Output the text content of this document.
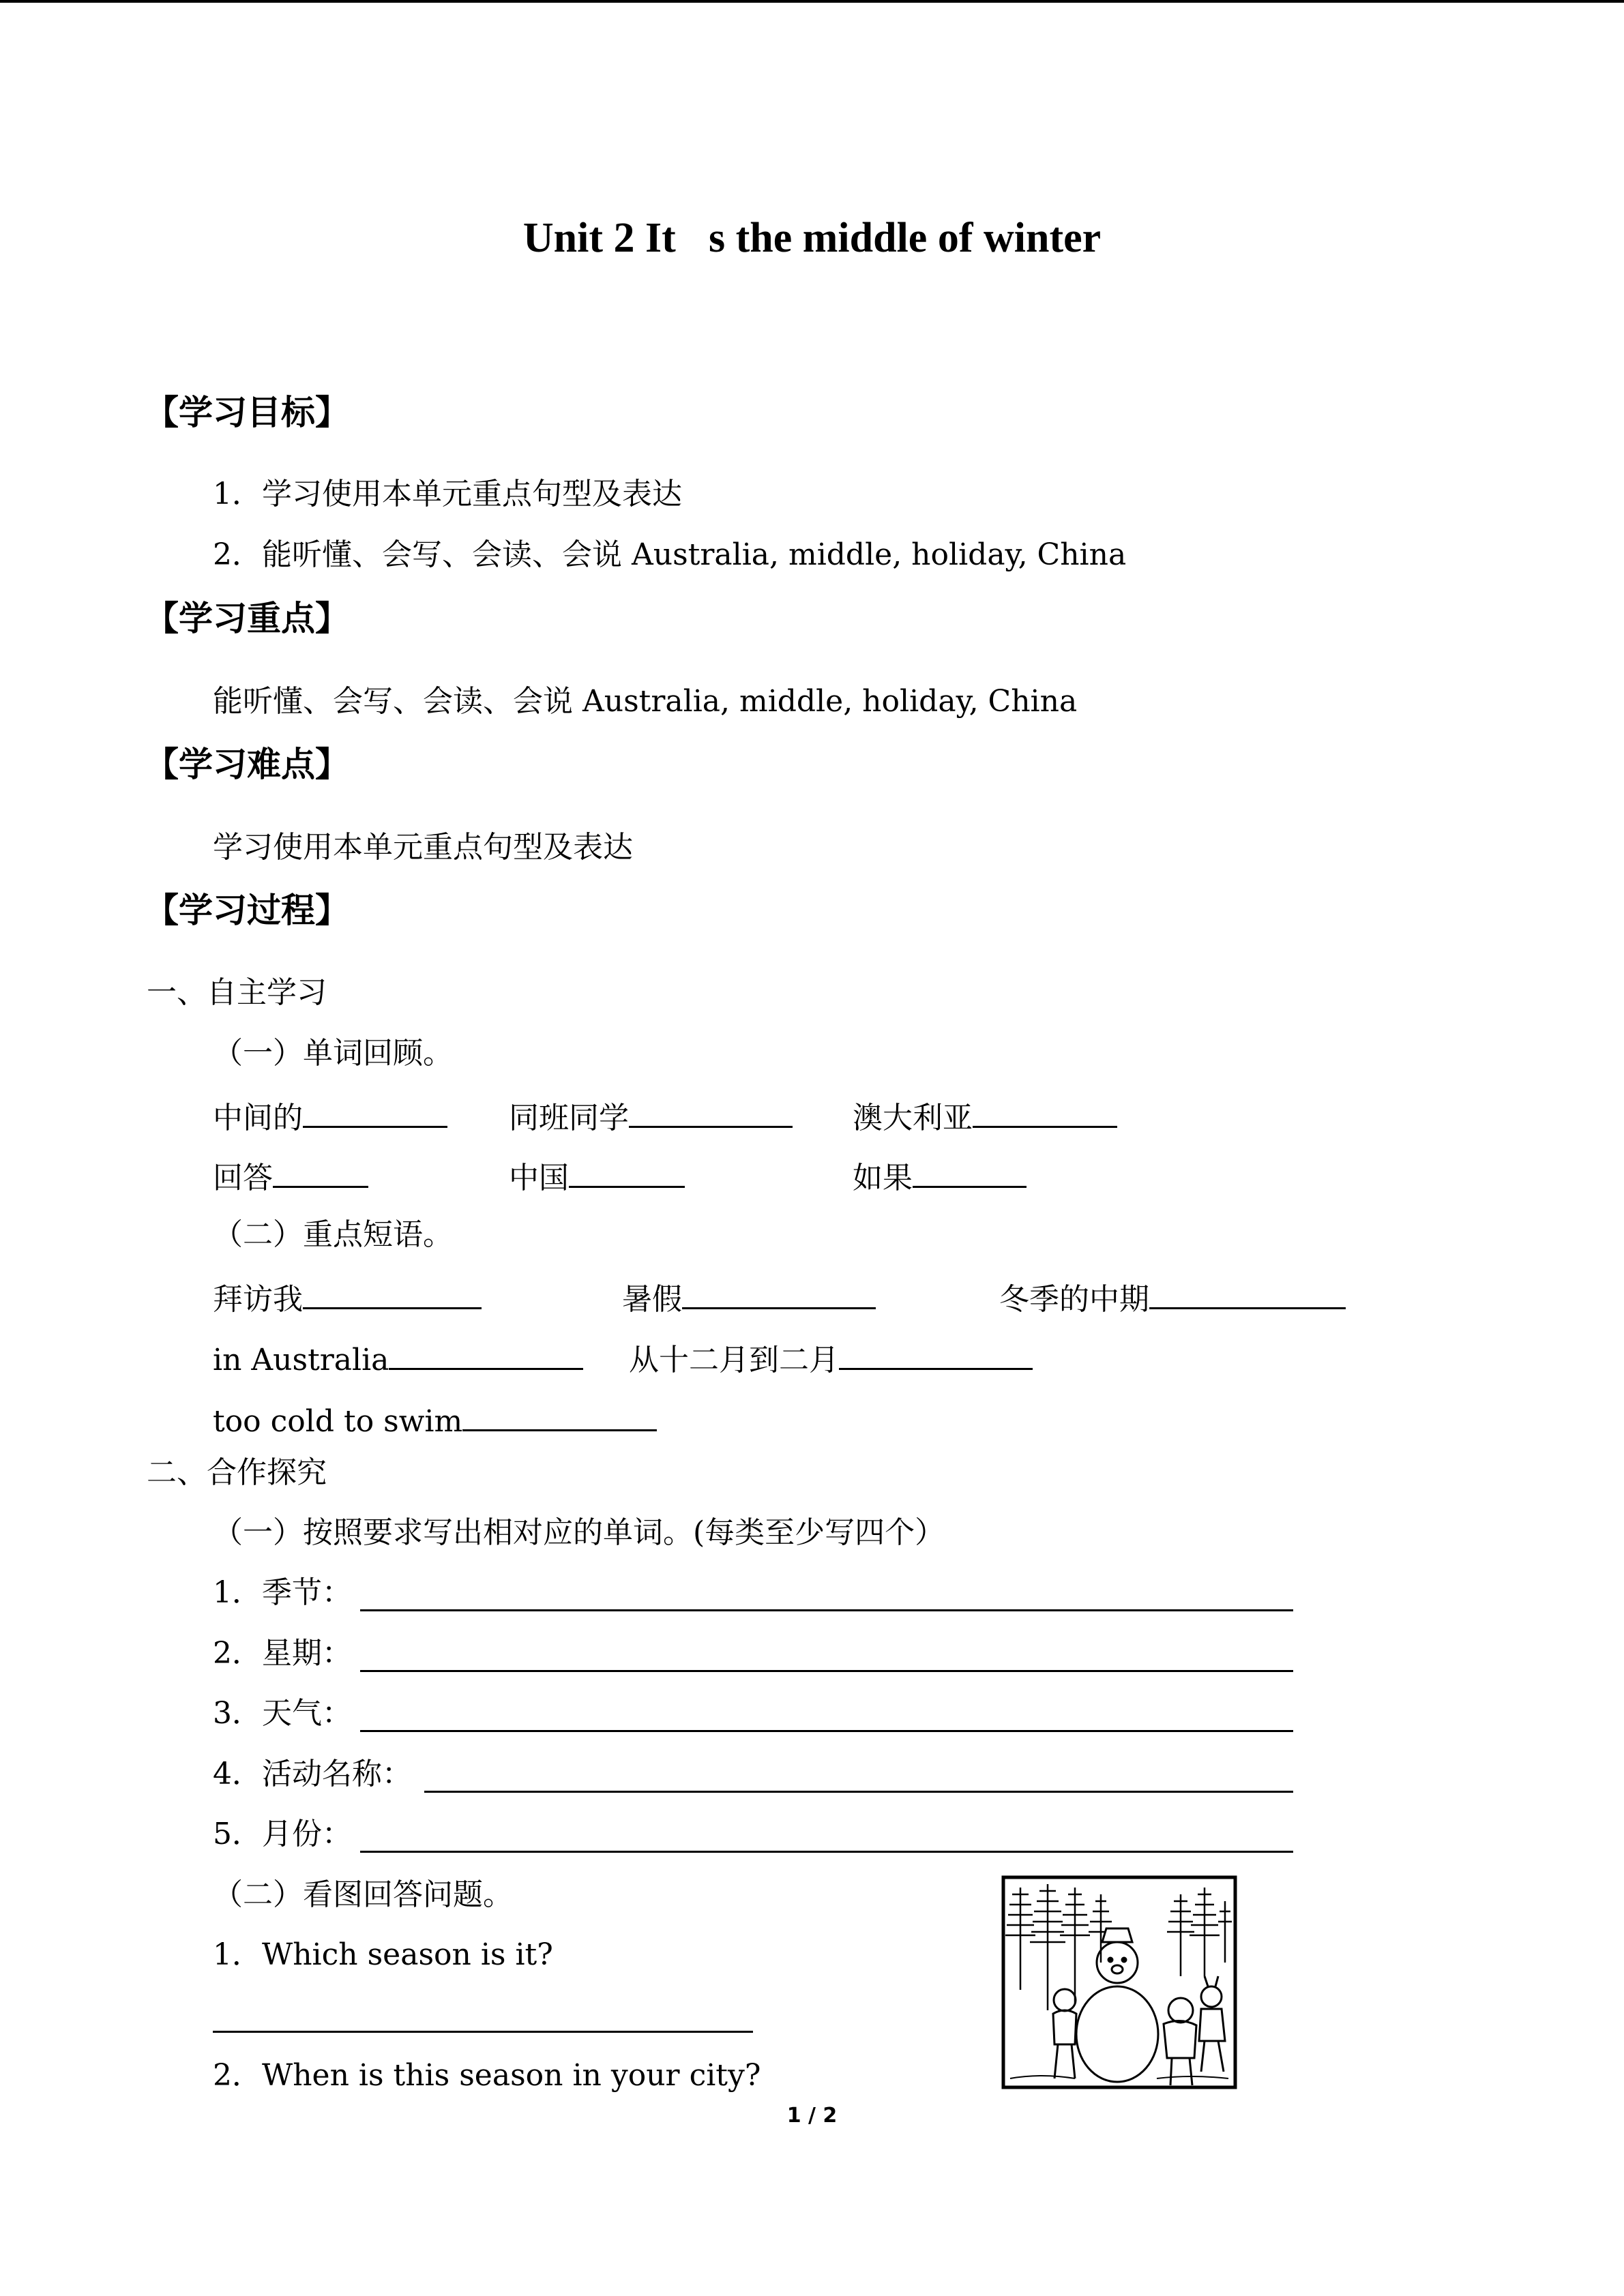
Unit 2 It s the middle of winter
【学习目标】
1．学习使用本单元重点句型及表达
2．能听懂、会写、会读、会说 Australia, middle, holiday, China
【学习重点】
能听懂、会写、会读、会说 Australia, middle, holiday, China
【学习难点】
学习使用本单元重点句型及表达
【学习过程】
一、自主学习
（一）单词回顾。
中间的	同班同学	澳大利亚
回答	中国	如果
（二）重点短语。
拜访我	暑假	冬季的中期
in Australia	从十二月到二月
too cold to swim
二、合作探究
（一）按照要求写出相对应的单词。(每类至少写四个）
1．季节：
2．星期：
3．天气：
4．活动名称：
5．月份：
（二）看图回答问题。
1．Which season is it?
2．When is this season in your city?
1 / 2
